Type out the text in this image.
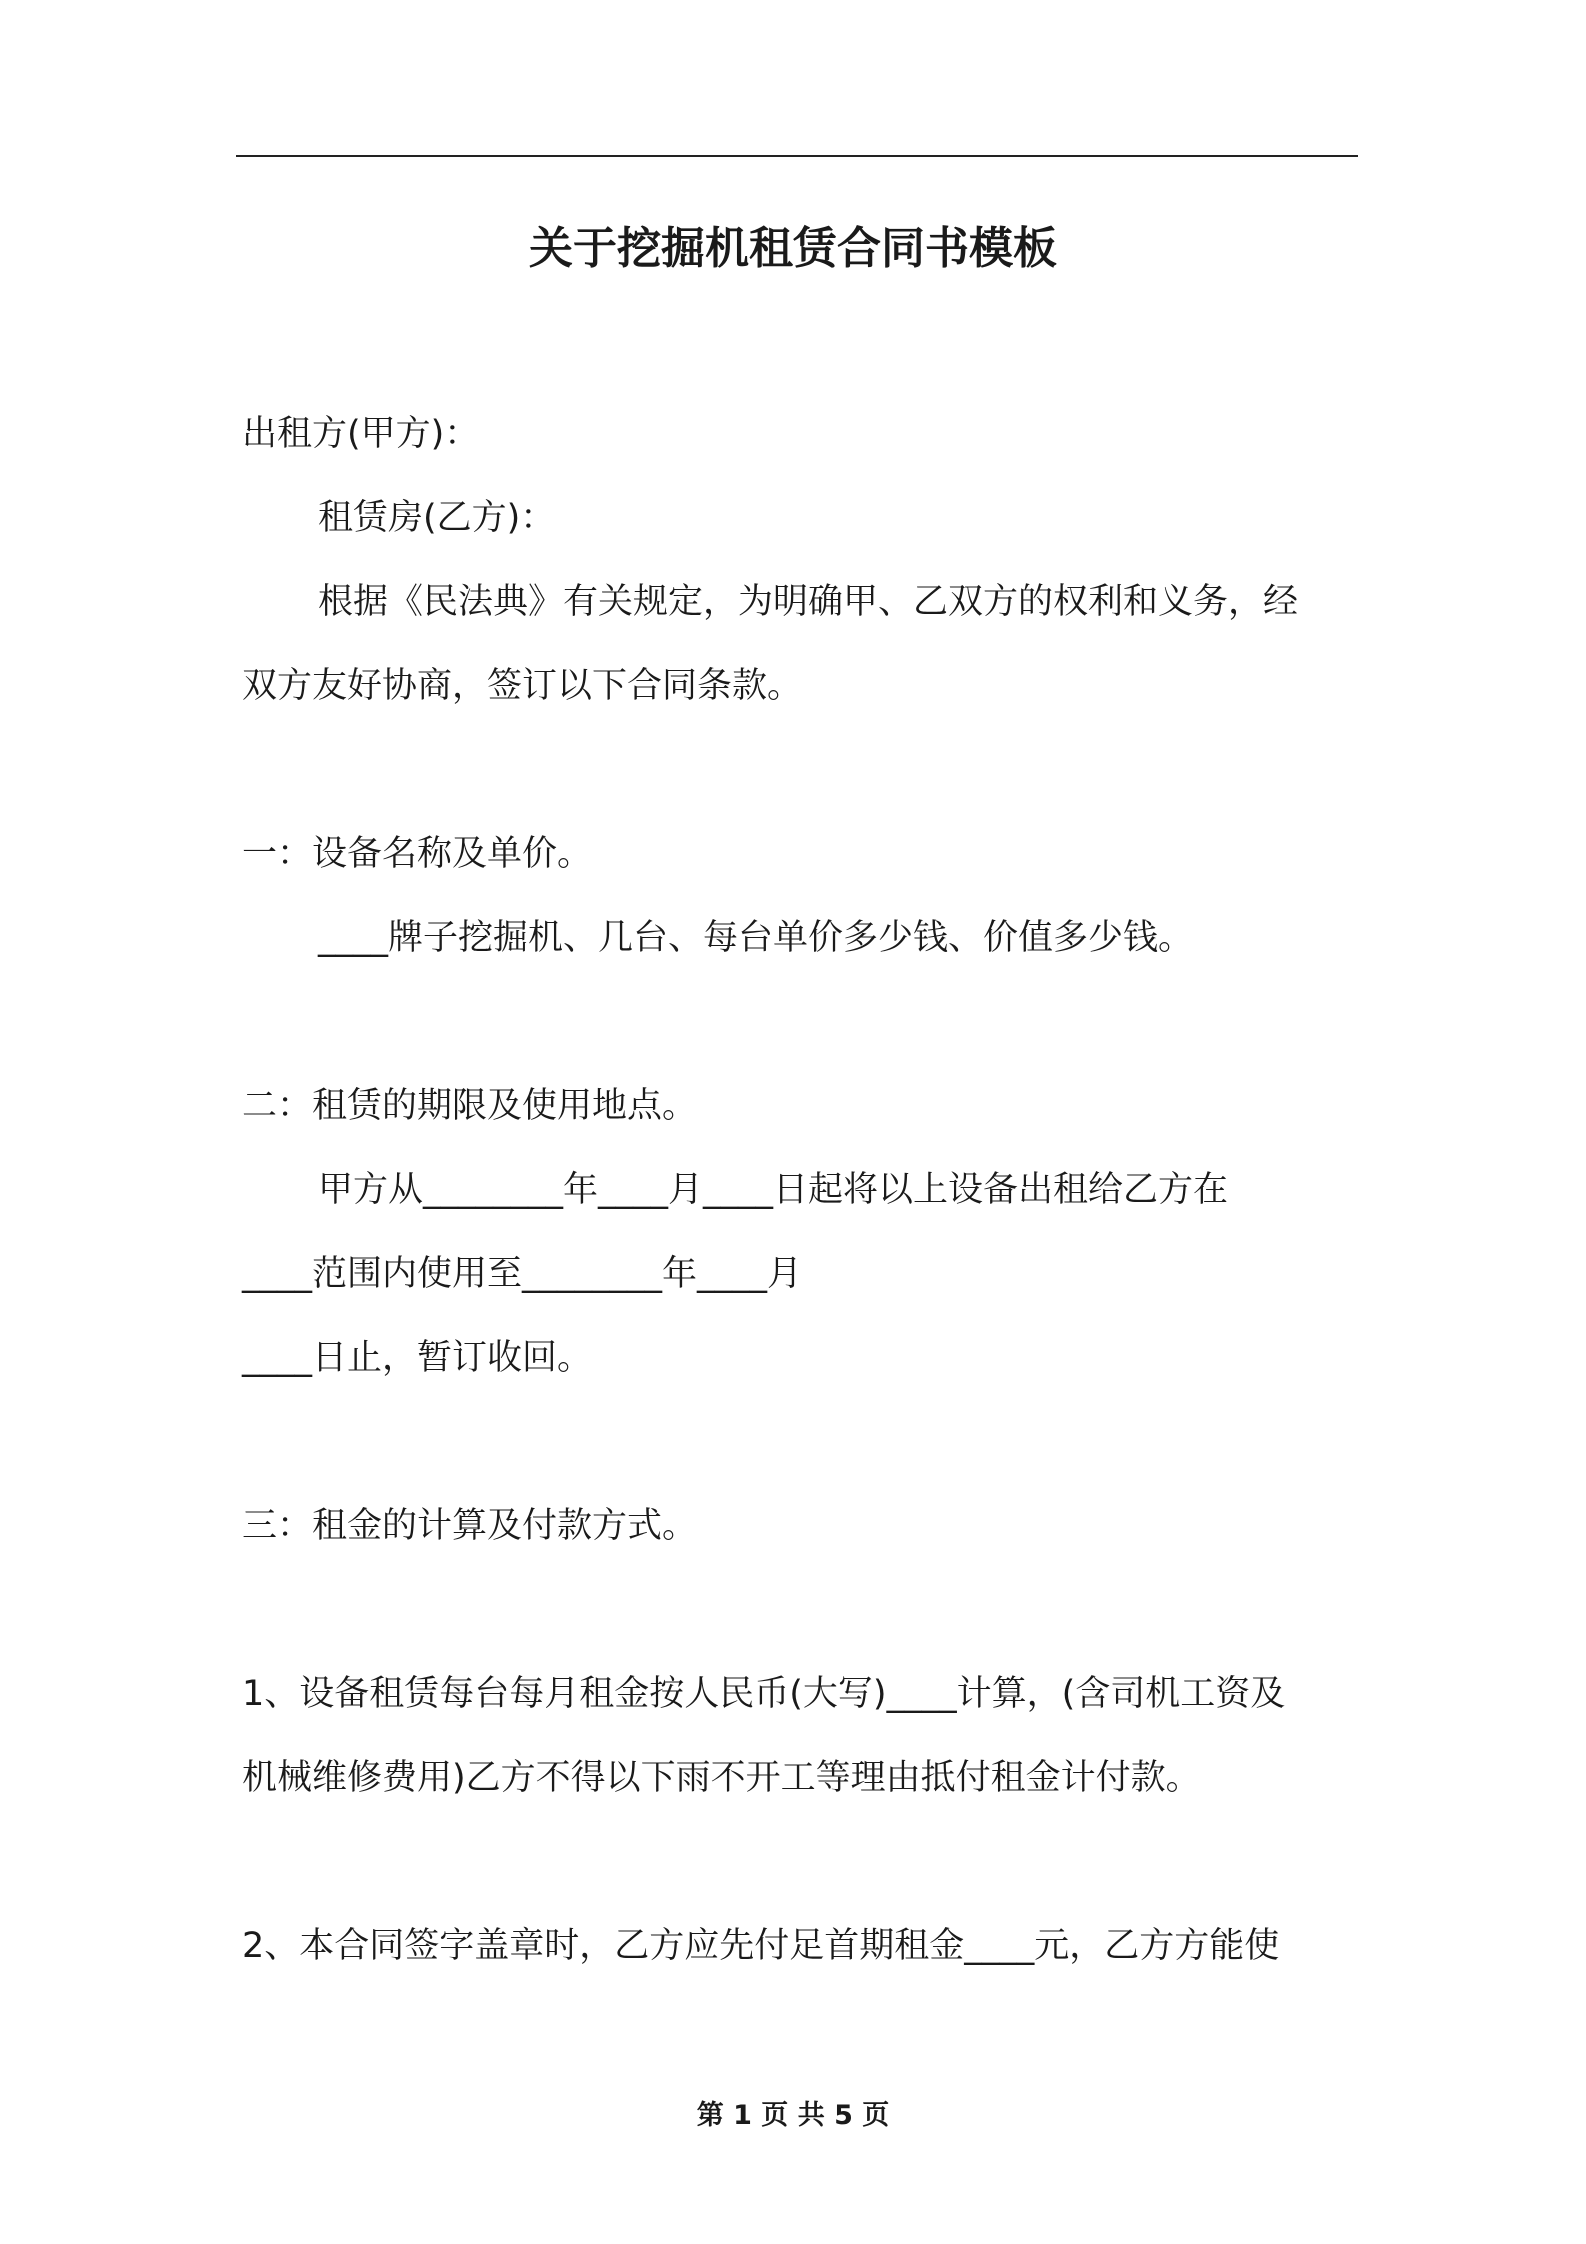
关于挖掘机租赁合同书模板
出租方(甲方)：
租赁房(乙方)：
根据《民法典》有关规定，为明确甲、乙双方的权利和义务，经
双方友好协商，签订以下合同条款。
一：设备名称及单价。
____牌子挖掘机、几台、每台单价多少钱、价值多少钱。
二：租赁的期限及使用地点。
甲方从________年____月____日起将以上设备出租给乙方在
____范围内使用至________年____月
____日止，暂订收回。
三：租金的计算及付款方式。
1、设备租赁每台每月租金按人民币(大写)____计算，(含司机工资及
机械维修费用)乙方不得以下雨不开工等理由抵付租金计付款。
2、本合同签字盖章时，乙方应先付足首期租金____元，乙方方能使
第 1 页 共 5 页
